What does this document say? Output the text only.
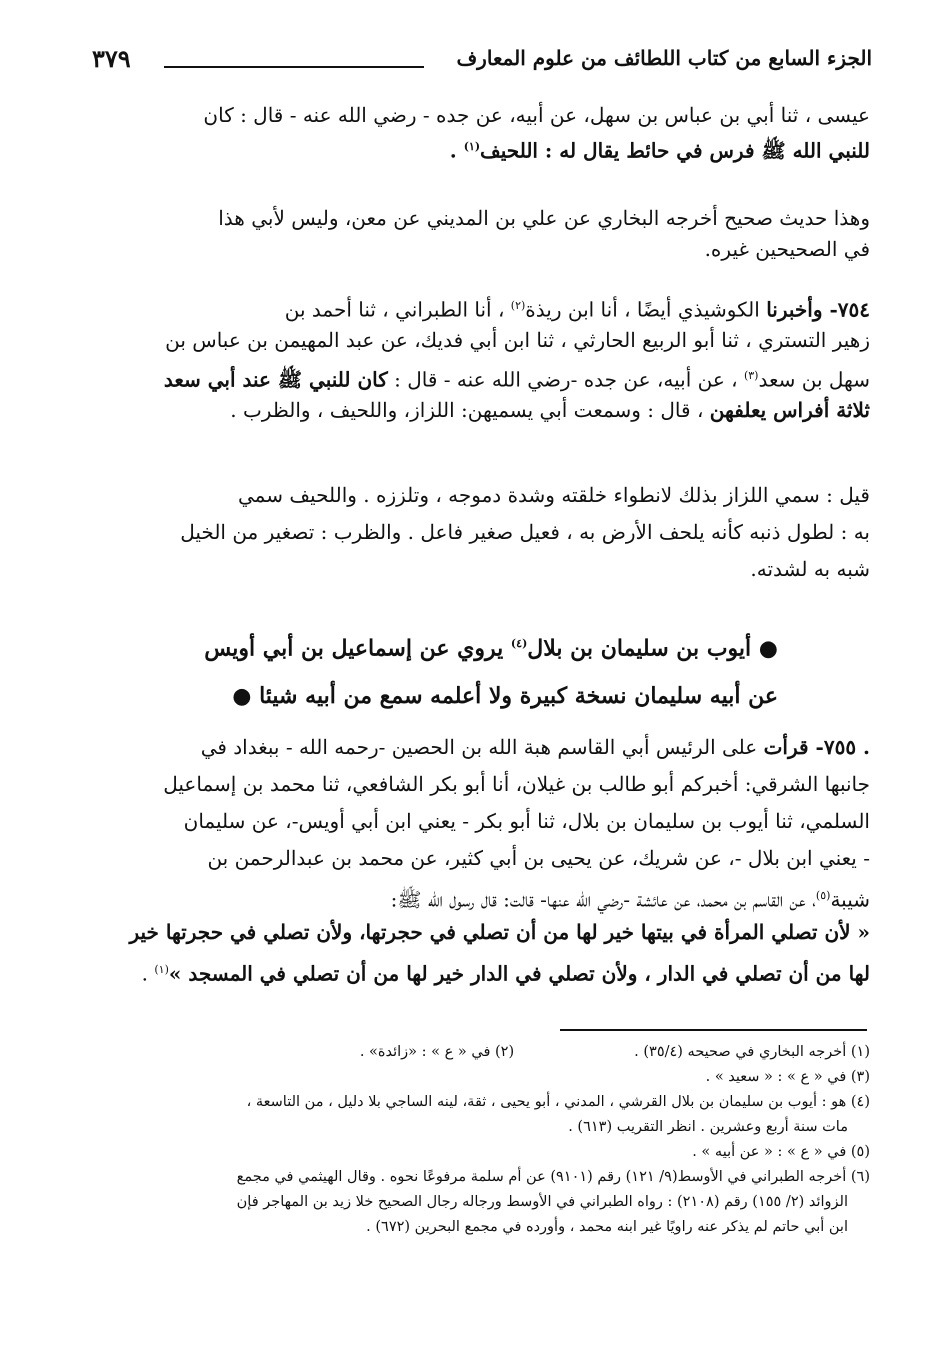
الجزء السابع من كتاب اللطائف من علوم المعارف
٣٧٩
عيسى ، ثنا أبي بن عباس بن سهل، عن أبيه، عن جده - رضي الله عنه - قال : كان
للنبي الله ﷺ فرس في حائط يقال له : اللحيف$^{(١)}$ .
وهذا حديث صحيح أخرجه البخاري عن علي بن المديني عن معن، وليس لأبي هذا
في الصحيحين غيره.
٧٥٤- وأخبرنا الكوشيذي أيضًا ، أنا ابن ريذة$^{(٢)}$ ، أنا الطبراني ، ثنا أحمد بن
زهير التستري ، ثنا أبو الربيع الحارثي ، ثنا ابن أبي فديك، عن عبد المهيمن بن عباس بن
سهل بن سعد$^{(٣)}$ ، عن أبيه، عن جده -رضي الله عنه - قال : كان للنبي ﷺ عند أبي سعد
ثلاثة أفراس يعلفهن ، قال : وسمعت أبي يسميهن: اللزاز، واللحيف ، والظرب .
قيل : سمي اللزاز بذلك لانطواء خلقته وشدة دموجه ، وتلززه . واللحيف سمي
به : لطول ذنبه كأنه يلحف الأرض به ، فعيل صغير فاعل . والظرب : تصغير من الخيل
شبه به لشدته.
● أيوب بن سليمان بن بلال$^{(٤)}$ يروي عن إسماعيل بن أبي أويس
عن أبيه سليمان نسخة كبيرة ولا أعلمه سمع من أبيه شيئا ●
. ٧٥٥- قرأت على الرئيس أبي القاسم هبة الله بن الحصين -رحمه الله - ببغداد في
جانبها الشرقي: أخبركم أبو طالب بن غيلان، أنا أبو بكر الشافعي، ثنا محمد بن إسماعيل
السلمي، ثنا أيوب بن سليمان بن بلال، ثنا أبو بكر - يعني ابن أبي أويس-، عن سليمان
- يعني ابن بلال -، عن شريك، عن يحيى بن أبي كثير، عن محمد بن عبدالرحمن بن
شيبة$^{(٥)}$، عن القاسم بن محمد، عن عائشة -رضي الله عنها- قالت: قال رسول الله ﷺ:
« لأن تصلي المرأة في بيتها خير لها من أن تصلي في حجرتها، ولأن تصلي في حجرتها خير
لها من أن تصلي في الدار ، ولأن تصلي في الدار خير لها من أن تصلي في المسجد »$^{(١)}$ .
(١) أخرجه البخاري في صحيحه (٣٥/٤) .
(٢) في « ع » : «زائدة» .
(٣) في « ع » : « سعيد » .
(٤) هو : أيوب بن سليمان بن بلال القرشي ، المدني ، أبو يحيى ، ثقة، لينه الساجي بلا دليل ، من التاسعة ،
مات سنة أربع وعشرين . انظر التقريب (٦١٣) .
(٥) في « ع » : « عن أبيه » .
(٦) أخرجه الطبراني في الأوسط(٩/ ١٢١) رقم (٩١٠١) عن أم سلمة مرفوعًا نحوه . وقال الهيثمي في مجمع
الزوائد (٢/ ١٥٥) رقم (٢١٠٨) : رواه الطبراني في الأوسط ورجاله رجال الصحيح خلا زيد بن المهاجر فإن
ابن أبي حاتم لم يذكر عنه راويًا غير ابنه محمد ، وأورده في مجمع البحرين (٦٧٢) .
